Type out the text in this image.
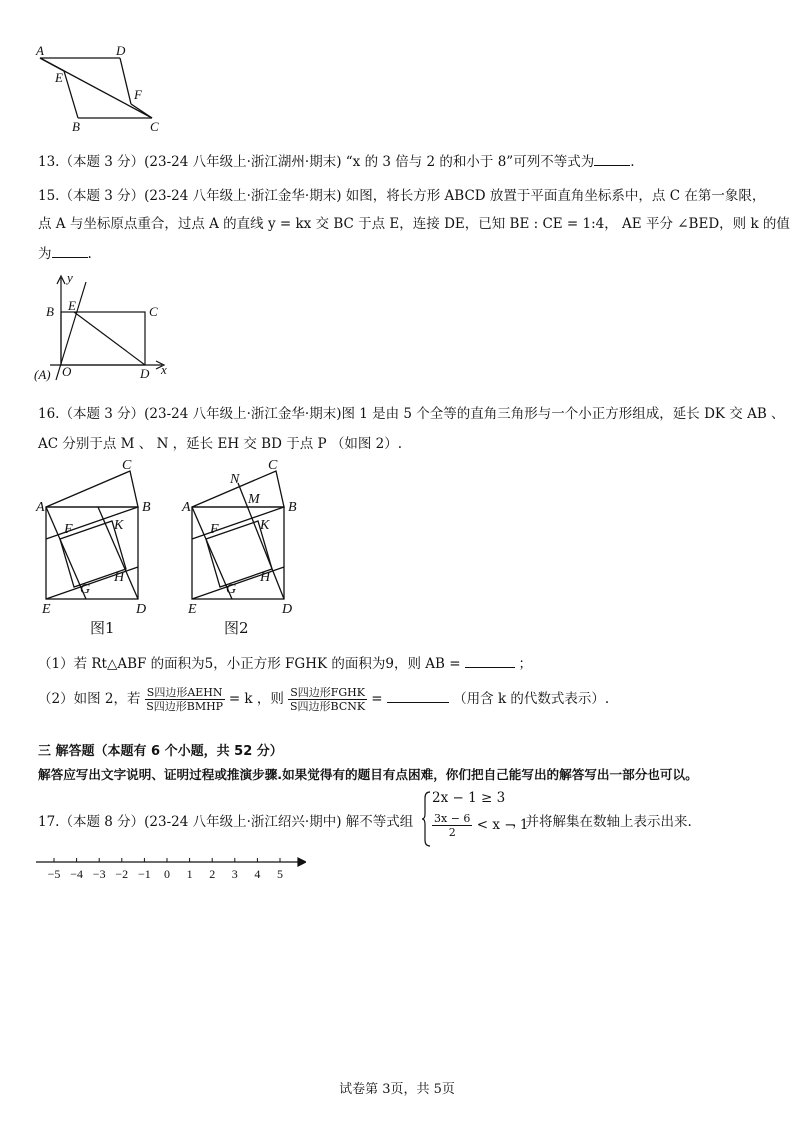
A	D
E
F
B	C
13.（本题 3 分）(23-24 八年级上·浙江湖州·期末) “x 的 3 倍与 2 的和小于 8”可列不等式为	.
15.（本题 3 分）(23-24 八年级上·浙江金华·期末) 如图，将长方形 ABCD 放置于平面直角坐标系中，点 C 在第一象限，
点 A 与坐标原点重合，过点 A 的直线 y = kx 交 BC 于点 E，连接 DE，已知 BE : CE = 1:4， AE 平分 ∠BED，则 k 的值
为	.
y
B E	C
(A) O	D x
16.（本题 3 分）(23-24 八年级上·浙江金华·期末)图 1 是由 5 个全等的直角三角形与一个小正方形组成，延长 DK 交 AB 、
AC 分别于点 M 、 N ，延长 EH 交 BD 于点 P （如图 2）.
C
A	B
F	K
G
H
E	D
图1
N
C
M
A	B
F	K
G
H
E	D
图2
（1）若 Rt△ABF 的面积为5，小正方形 FGHK 的面积为9，则 AB =	；
（2）如图 2，若 $\frac{\text{S四边形AEHN}}{\text{S四边形BMHP}} = k$ ，则 $\frac{\text{S四边形FGHK}}{\text{S四边形BCNK}}$ =	（用含 k 的代数式表示）.
三 解答题（本题有 6 个小题，共 52 分）
解答应写出文字说明、证明过程或推演步骤.如果觉得有的题目有点困难，你们把自己能写出的解答写出一部分也可以。
17.（本题 8 分）(23-24 八年级上·浙江绍兴·期中) 解不等式组
2x − 1 ≥ 3
$\frac{3x - 6}{2} < x - 1$
，并将解集在数轴上表示出来.
−5 −4 −3 −2 −1 0 1 2 3 4 5
试卷第 3页，共 5页
